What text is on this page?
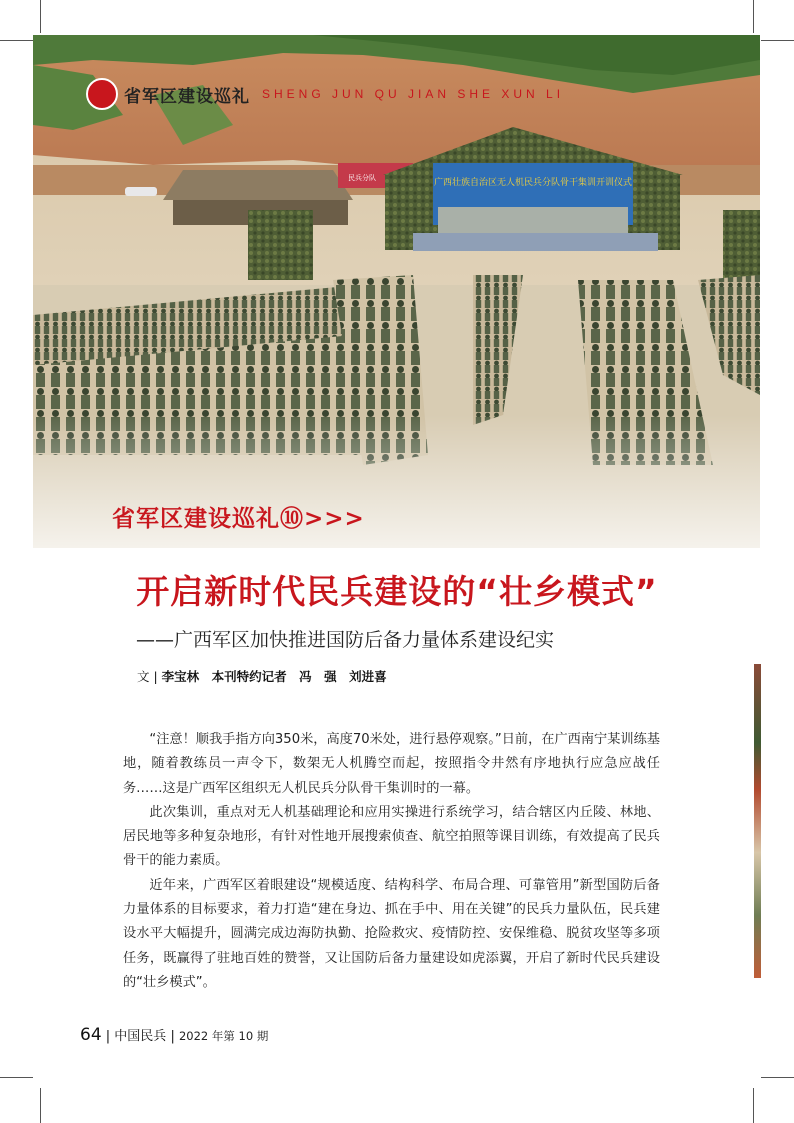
民兵分队	广西壮族自治区无人机民兵分队骨干集训开训仪式
省军区建设巡礼 SHENG JUN QU JIAN SHE XUN LI
省军区建设巡礼⑩>>>
开启新时代民兵建设的“壮乡模式”
——广西军区加快推进国防后备力量体系建设纪实
文 | 李宝林　本刊特约记者　冯　强　刘进喜

“注意！顺我手指方向350米，高度70米处，进行悬停观察。”日前，在广西南宁某训练基地，随着教练员一声令下，数架无人机腾空而起，按照指令井然有序地执行应急应战任务……这是广西军区组织无人机民兵分队骨干集训时的一幕。

此次集训，重点对无人机基础理论和应用实操进行系统学习，结合辖区内丘陵、林地、居民地等多种复杂地形，有针对性地开展搜索侦查、航空拍照等课目训练，有效提高了民兵骨干的能力素质。

近年来，广西军区着眼建设“规模适度、结构科学、布局合理、可靠管用”新型国防后备力量体系的目标要求，着力打造“建在身边、抓在手中、用在关键”的民兵力量队伍，民兵建设水平大幅提升，圆满完成边海防执勤、抢险救灾、疫情防控、安保维稳、脱贫攻坚等多项任务，既赢得了驻地百姓的赞誉，又让国防后备力量建设如虎添翼，开启了新时代民兵建设的“壮乡模式”。

64 | 中国民兵 | 2022 年第 10 期
